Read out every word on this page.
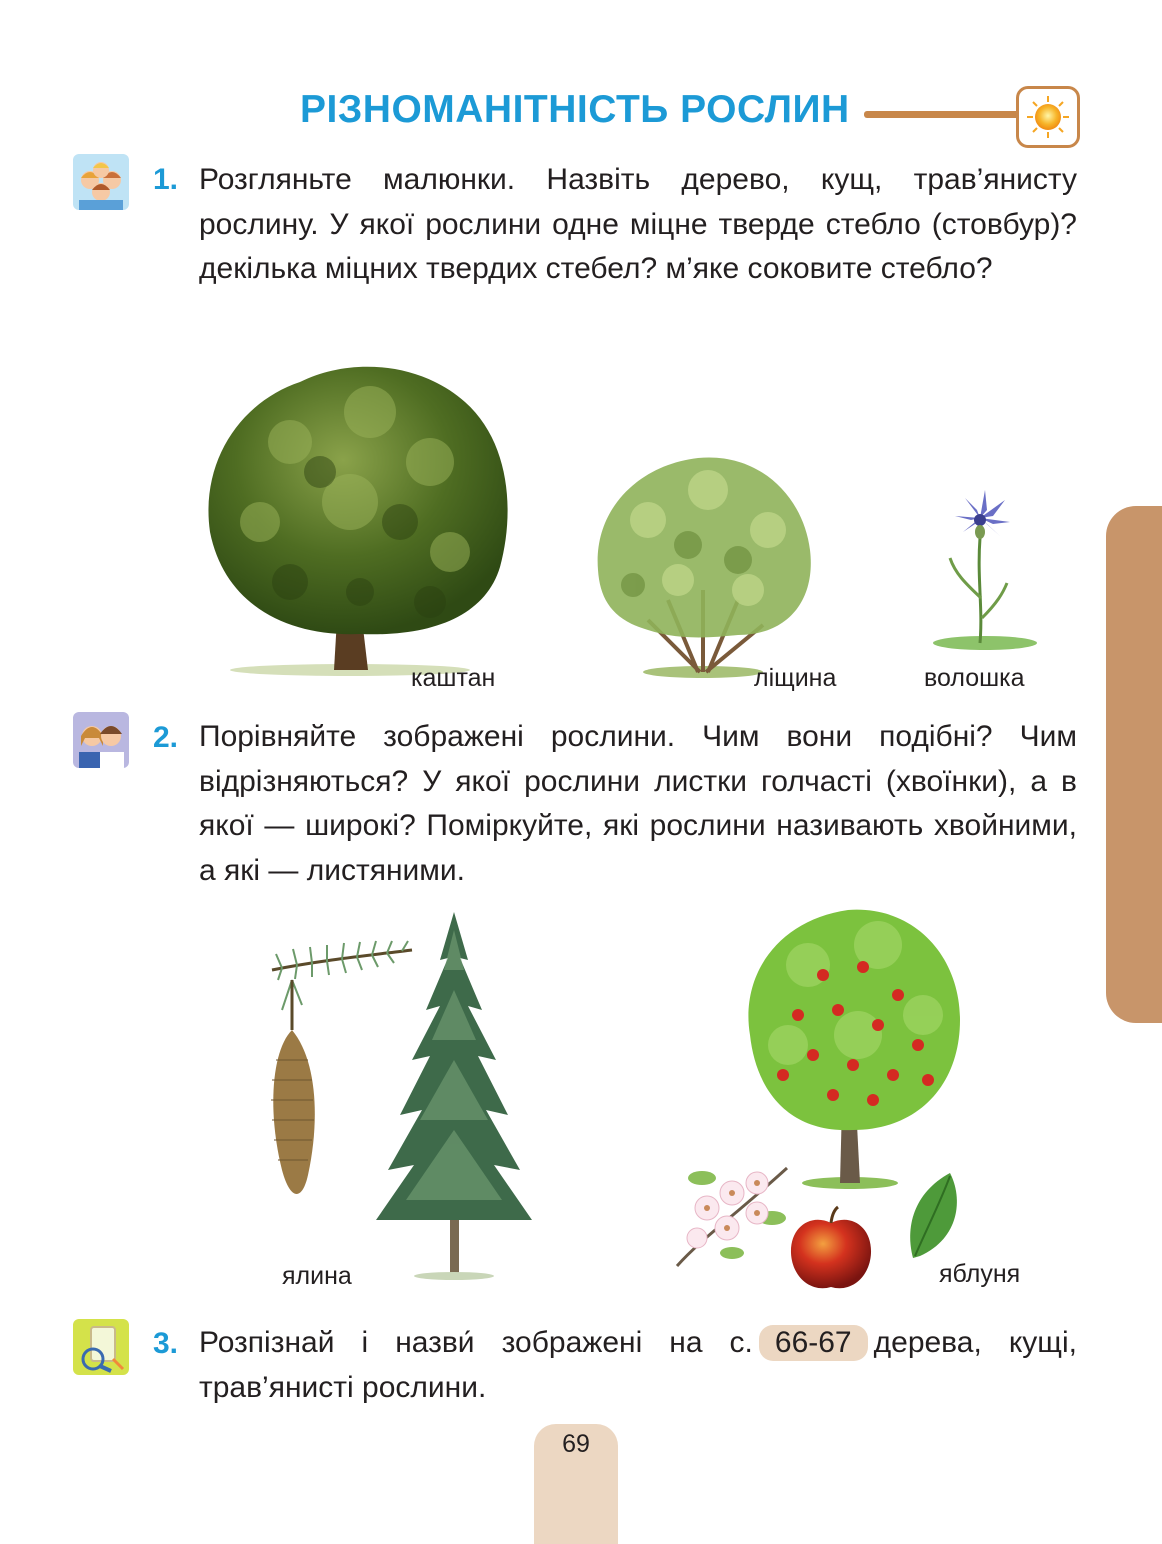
РІЗНОМАНІТНІСТЬ РОСЛИН
1. Розгляньте малюнки. Назвіть дерево, кущ, трав’янисту рослину. У якої рослини одне міцне тверде стебло (стовбур)? декілька міцних твердих стебел? м’яке соковите стебло?
каштан	ліщина	волошка
2. Порівняйте зображені рослини. Чим вони подібні? Чим відрізняються? У якої рослини листки голчасті (хвоїнки), а в якої — широкі? Поміркуйте, які рослини називають хвойними, а які — листяними.
ялина	яблуня
3. Розпізнай і назви́ зображені на с. 66-67 дерева, кущі, трав’янисті рослини.
69
